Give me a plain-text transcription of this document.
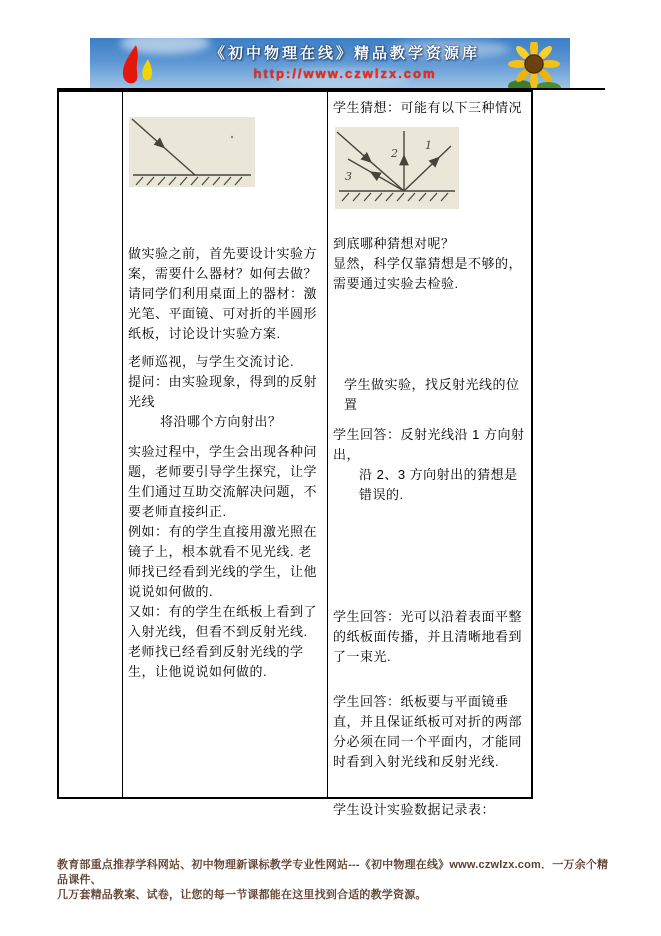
《初中物理在线》精品教学资源库
http://www.czwlzx.com
做实验之前，首先要设计实验方案，需要什么器材？如何去做？
请同学们利用桌面上的器材：激光笔、平面镜、可对折的半圆形纸板，讨论设计实验方案.
老师巡视，与学生交流讨论.
提问：由实验现象，得到的反射光线
将沿哪个方向射出？
实验过程中，学生会出现各种问题，老师要引导学生探究，让学生们通过互助交流解决问题，不要老师直接纠正.
例如：有的学生直接用激光照在镜子上，根本就看不见光线. 老师找已经看到光线的学生，让他说说如何做的.
又如：有的学生在纸板上看到了入射光线，但看不到反射光线. 老师找已经看到反射光线的学生，让他说说如何做的.
学生猜想：可能有以下三种情况
1
2
3
到底哪种猜想对呢？
显然，科学仅靠猜想是不够的，需要通过实验去检验.
学生做实验，找反射光线的位置
学生回答：反射光线沿 1 方向射出，
沿 2、3 方向射出的猜想是错误的.
学生回答：光可以沿着表面平整的纸板面传播，并且清晰地看到了一束光.
学生回答：纸板要与平面镜垂直，并且保证纸板可对折的两部分必须在同一个平面内，才能同时看到入射光线和反射光线.
学生设计实验数据记录表：
教育部重点推荐学科网站、初中物理新课标教学专业性网站---《初中物理在线》www.czwlzx.com．一万余个精品课件、
几万套精品教案、试卷，让您的每一节课都能在这里找到合适的教学资源。
